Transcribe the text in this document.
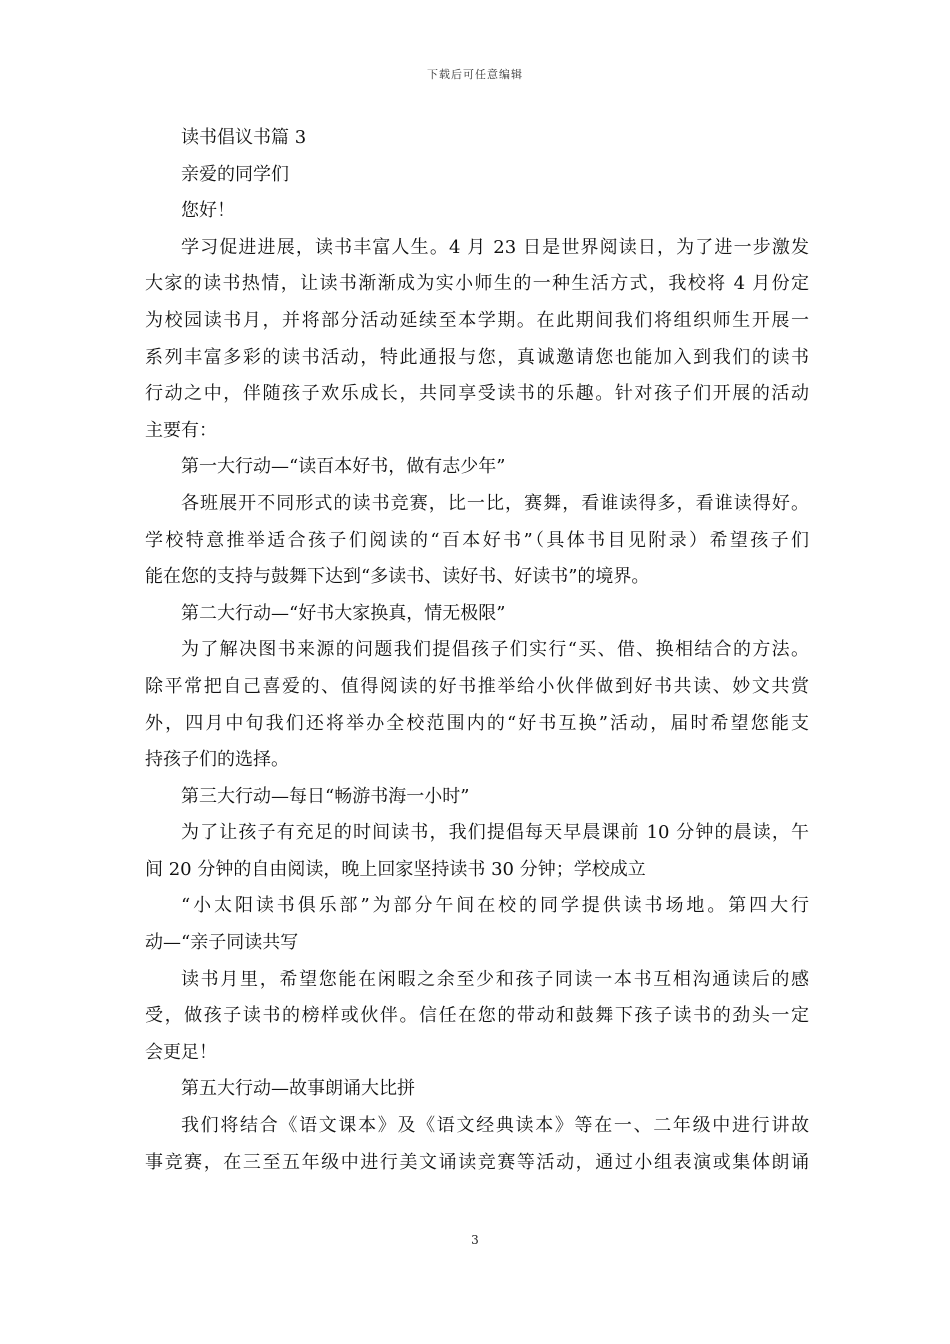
下载后可任意编辑
读书倡议书篇 3
亲爱的同学们
您好！
学习促进进展，读书丰富人生。4 月 23 日是世界阅读日，为了进一步激发
大家的读书热情，让读书渐渐成为实小师生的一种生活方式，我校将 4 月份定
为校园读书月，并将部分活动延续至本学期。在此期间我们将组织师生开展一
系列丰富多彩的读书活动，特此通报与您，真诚邀请您也能加入到我们的读书
行动之中，伴随孩子欢乐成长，共同享受读书的乐趣。针对孩子们开展的活动
主要有：
第一大行动—“读百本好书，做有志少年”
各班展开不同形式的读书竞赛，比一比，赛舞，看谁读得多，看谁读得好。
学校特意推举适合孩子们阅读的“百本好书”（具体书目见附录）希望孩子们
能在您的支持与鼓舞下达到“多读书、读好书、好读书”的境界。
第二大行动—“好书大家换真，情无极限”
为了解决图书来源的问题我们提倡孩子们实行“买、借、换相结合的方法。
除平常把自己喜爱的、值得阅读的好书推举给小伙伴做到好书共读、妙文共赏
外，四月中旬我们还将举办全校范围内的“好书互换”活动，届时希望您能支
持孩子们的选择。
第三大行动—每日“畅游书海一小时”
为了让孩子有充足的时间读书，我们提倡每天早晨课前 10 分钟的晨读，午
间 20 分钟的自由阅读，晚上回家坚持读书 30 分钟；学校成立
“小太阳读书俱乐部”为部分午间在校的同学提供读书场地。第四大行
动—“亲子同读共写
读书月里，希望您能在闲暇之余至少和孩子同读一本书互相沟通读后的感
受，做孩子读书的榜样或伙伴。信任在您的带动和鼓舞下孩子读书的劲头一定
会更足！
第五大行动—故事朗诵大比拼
我们将结合《语文课本》及《语文经典读本》等在一、二年级中进行讲故
事竞赛，在三至五年级中进行美文诵读竞赛等活动，通过小组表演或集体朗诵
3
